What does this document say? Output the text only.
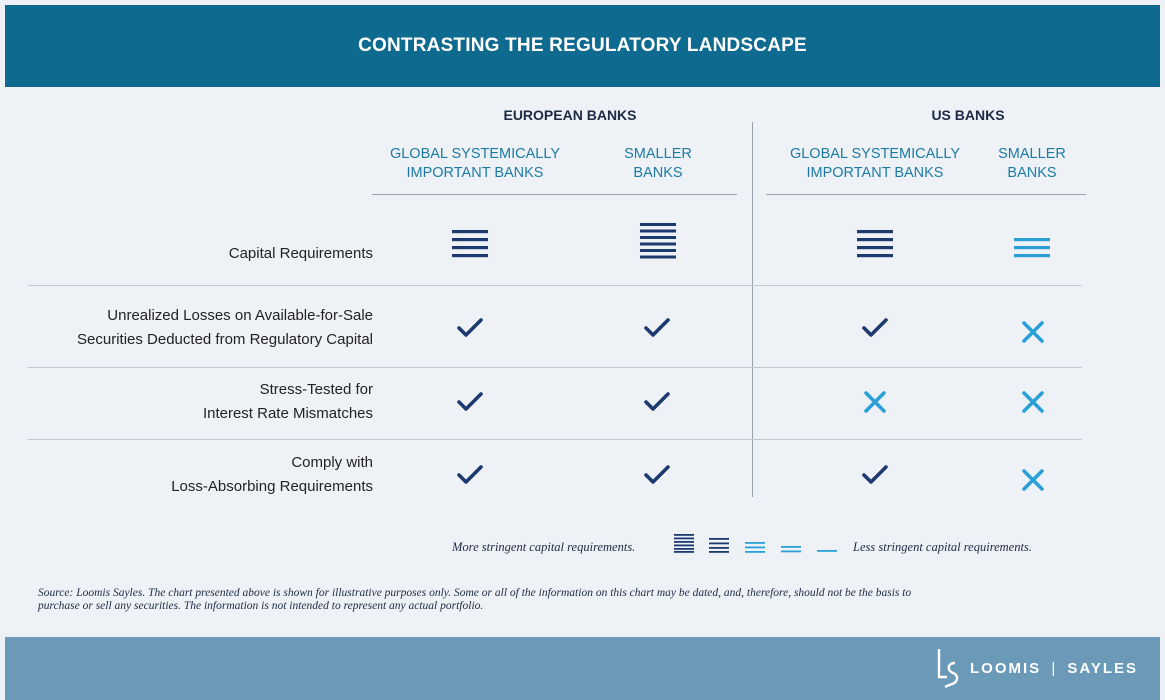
CONTRASTING THE REGULATORY LANDSCAPE
EUROPEAN BANKS	US BANKS
GLOBAL SYSTEMICALLY
IMPORTANT BANKS
SMALLER
BANKS
GLOBAL SYSTEMICALLY
IMPORTANT BANKS
SMALLER
BANKS
Capital Requirements
Unrealized Losses on Available-for-Sale
Securities Deducted from Regulatory Capital
Stress-Tested for
Interest Rate Mismatches
Comply with
Loss-Absorbing Requirements
More stringent capital requirements.	Less stringent capital requirements.
Source: Loomis Sayles. The chart presented above is shown for illustrative purposes only. Some or all of the information on this chart may be dated, and, therefore, should not be the basis to
purchase or sell any securities. The information is not intended to represent any actual portfolio.
LOOMIS | SAYLES
